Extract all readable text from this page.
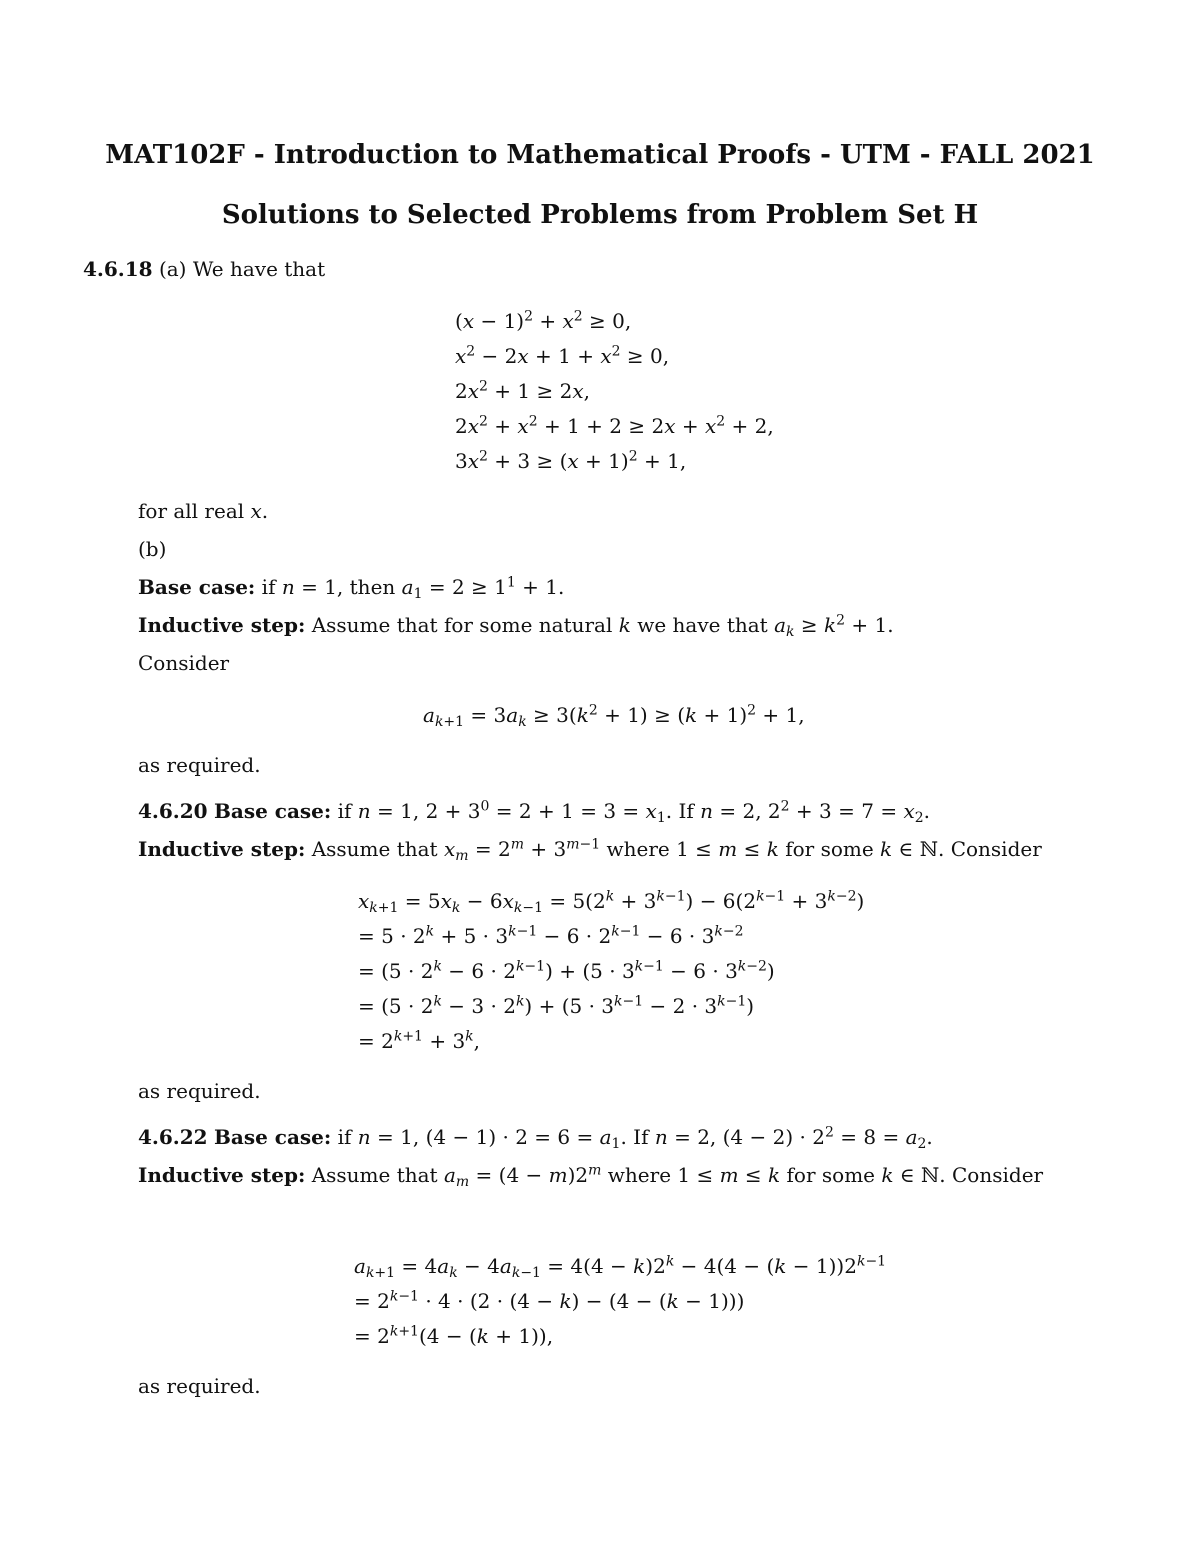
MAT102F - Introduction to Mathematical Proofs - UTM - FALL 2021
Solutions to Selected Problems from Problem Set H
4.6.18 (a) We have that
$(x - 1)^2 + x^2 \ge 0$,
$x^2 - 2x + 1 + x^2 \ge 0$,
$2x^2 + 1 \ge 2x$,
$2x^2 + x^2 + 1 + 2 \ge 2x + x^2 + 2$,
$3x^2 + 3 \ge (x + 1)^2 + 1$,
for all real x.
(b)
Base case: if n = 1, then $a_1 = 2 \ge 1^1 + 1$.
Inductive step: Assume that for some natural k we have that $a_k \ge k^2 + 1$.
Consider
$a_{k+1} = 3a_k \ge 3(k^2 + 1) \ge (k + 1)^2 + 1$,
as required.
4.6.20 Base case: if n = 1, $2 + 3^0 = 2 + 1 = 3 = x_1$. If n = 2, $2^2 + 3 = 7 = x_2$.
Inductive step: Assume that $x_m = 2^m + 3^{m-1}$ where 1 ≤ m ≤ k for some k ∈ ℕ. Consider
$x_{k+1} = 5x_k - 6x_{k-1} = 5(2^k + 3^{k-1}) - 6(2^{k-1} + 3^{k-2})$
= $5 \cdot 2^k + 5 \cdot 3^{k-1} - 6 \cdot 2^{k-1} - 6 \cdot 3^{k-2}$
= $(5 \cdot 2^k - 6 \cdot 2^{k-1}) + (5 \cdot 3^{k-1} - 6 \cdot 3^{k-2})$
= $(5 \cdot 2^k - 3 \cdot 2^k) + (5 \cdot 3^{k-1} - 2 \cdot 3^{k-1})$
= $2^{k+1} + 3^k$,
as required.
4.6.22 Base case: if n = 1, $(4 - 1) \cdot 2 = 6 = a_1$. If n = 2, $(4 - 2) \cdot 2^2 = 8 = a_2$.
Inductive step: Assume that $a_m = (4 - m)2^m$ where 1 ≤ m ≤ k for some k ∈ ℕ. Consider
$a_{k+1} = 4a_k - 4a_{k-1} = 4(4 - k)2^k - 4(4 - (k - 1))2^{k-1}$
= $2^{k-1} \cdot 4 \cdot (2 \cdot (4 - k) - (4 - (k - 1)))$
= $2^{k+1}(4 - (k + 1))$,
as required.
